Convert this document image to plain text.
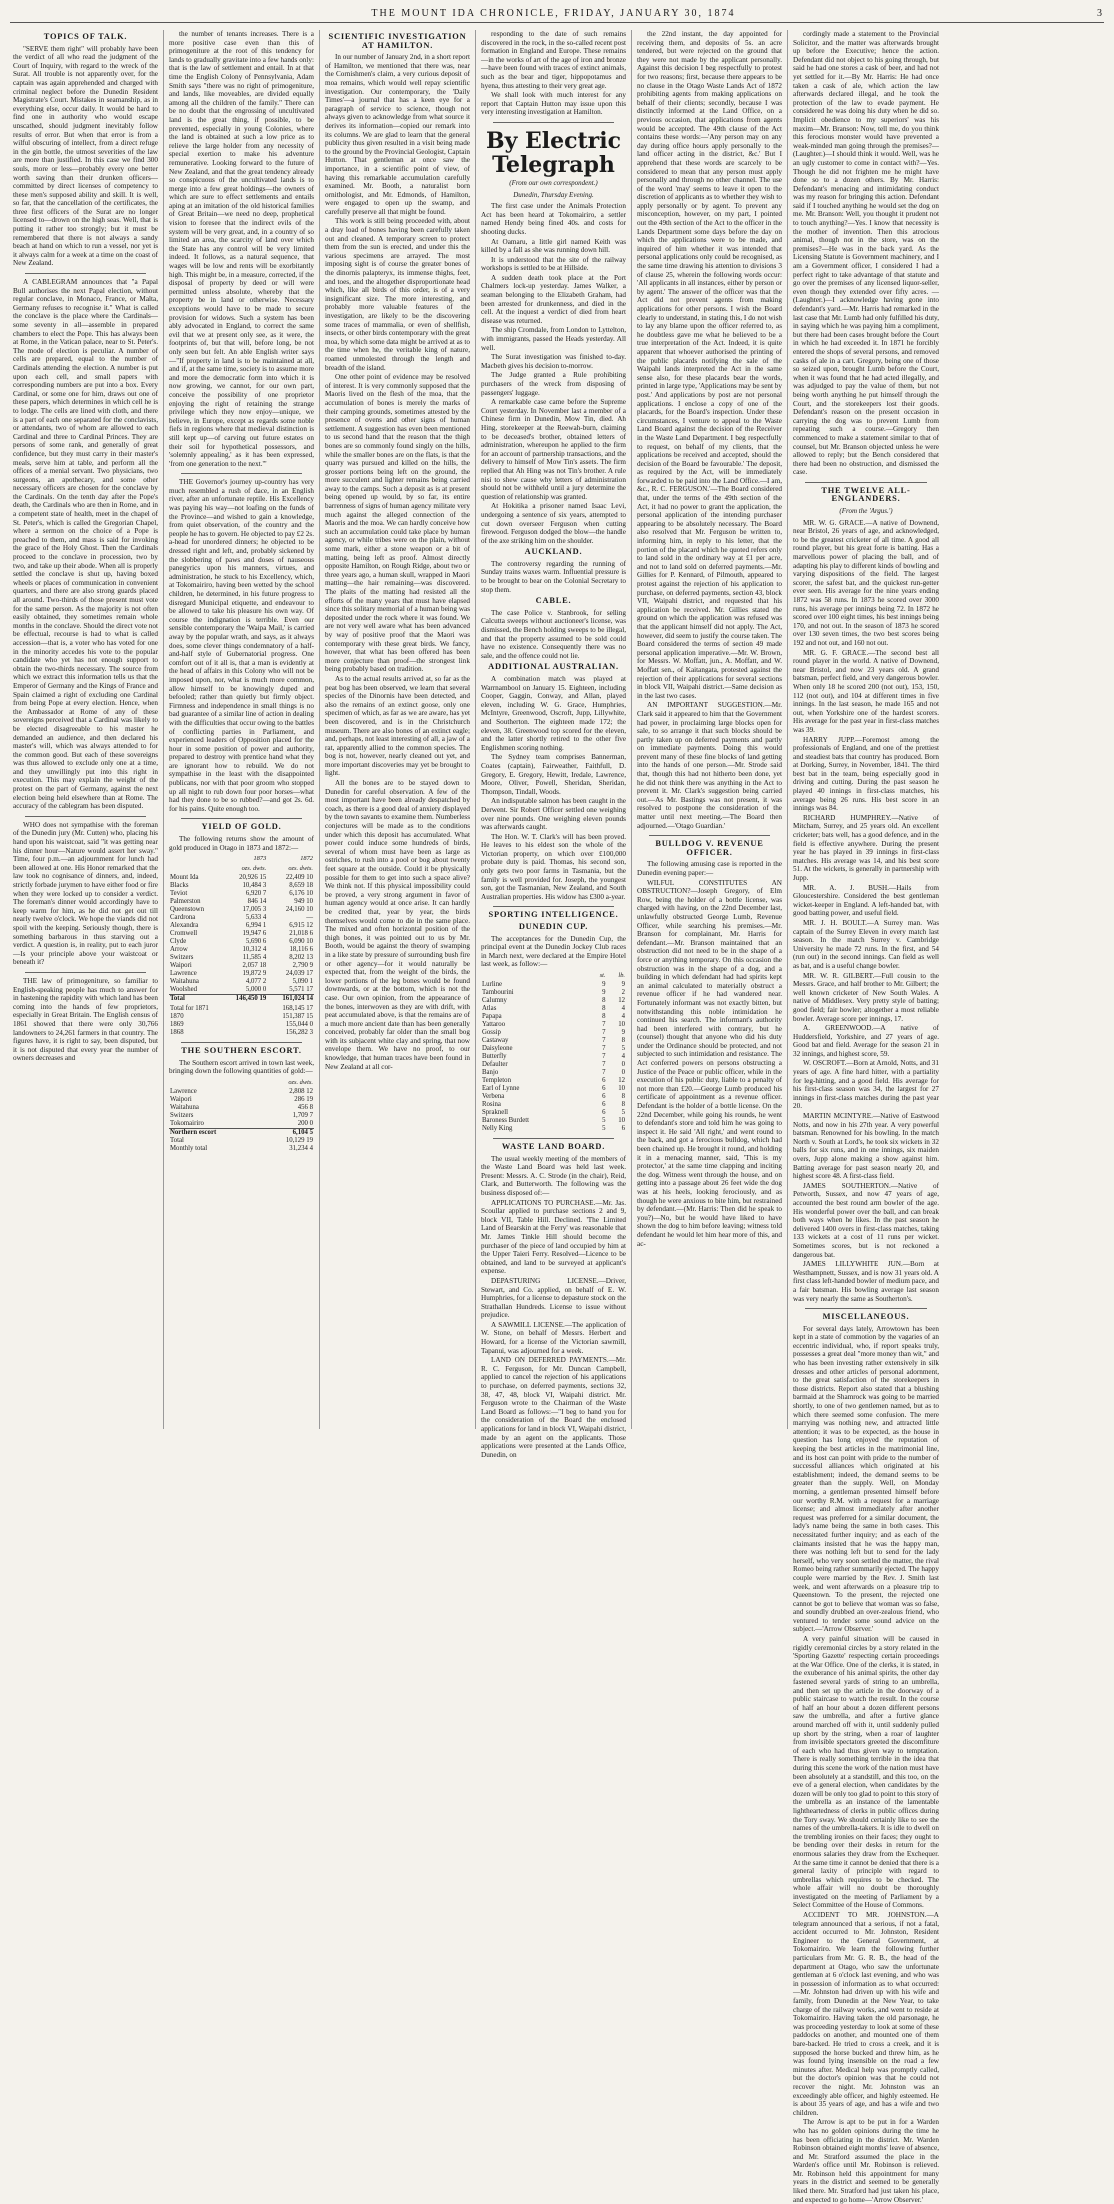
THE MOUNT IDA CHRONICLE, FRIDAY, JANUARY 30, 1874	3
TOPICS OF TALK.

"SERVE them right" will probably have been the verdict of all who read the judgment of the Court of Inquiry, with regard to the wreck of the Surat. All trouble is not apparently over, for the captain was again apprehended and charged with criminal neglect before the Dunedin Resident Magistrate's Court. Mistakes in seamanship, as in everything else, occur daily. It would be hard to find one in authority who would escape unscathed, should judgment inevitably follow results of error. But when that error is from a wilful obscuring of intellect, from a direct refuge in the gin bottle, the utmost severities of the law are more than justified. In this case we find 300 souls, more or less—probably every one better worth saving than their drunken officers—committed by direct licenses of competency to these men's supposed ability and skill. It is well, so far, that the cancellation of the certificates, the three first officers of the Surat are no longer licensed to—drown on the high seas. Well, that is putting it rather too strongly; but it must be remembered that there is not always a sandy beach at hand on which to run a vessel, nor yet is it always calm for a week at a time on the coast of New Zealand.

A CABLEGRAM announces that "a Papal Bull authorises the next Papal election, without regular conclave, in Monaco, France, or Malta, Germany refuses to recognise it." What is called the conclave is the place where the Cardinals—some seventy in all—assemble in prepared chambers to elect the Pope. This has always been at Rome, in the Vatican palace, near to St. Peter's. The mode of election is peculiar. A number of cells are prepared, equal to the number of Cardinals attending the election. A number is put upon each cell, and small papers with corresponding numbers are put into a box. Every Cardinal, or some one for him, draws out one of these papers, which determines in which cell he is to lodge. The cells are lined with cloth, and there is a part of each one separated for the conclavists, or attendants, two of whom are allowed to each Cardinal and three to Cardinal Princes. They are persons of some rank, and generally of great confidence, but they must carry in their master's meals, serve him at table, and perform all the offices of a menial servant. Two physicians, two surgeons, an apothecary, and some other necessary officers are chosen for the conclave by the Cardinals. On the tenth day after the Pope's death, the Cardinals who are then in Rome, and in a competent state of health, meet in the chapel of St. Peter's, which is called the Gregorian Chapel, where a sermon on the choice of a Pope is preached to them, and mass is said for invoking the grace of the Holy Ghost. Then the Cardinals proceed to the conclave in procession, two by two, and take up their abode. When all is properly settled the conclave is shut up, having boxed wheels or places of communication in convenient quarters, and there are also strong guards placed all around. Two-thirds of those present must vote for the same person. As the majority is not often easily obtained, they sometimes remain whole months in the conclave. Should the direct vote not be effectual, recourse is had to what is called accession—that is, a voter who has voted for one in the minority accedes his vote to the popular candidate who yet has not enough support to obtain the two-thirds necessary. The source from which we extract this information tells us that the Emperor of Germany and the Kings of France and Spain claimed a right of excluding one Cardinal from being Pope at every election. Hence, when the Ambassador at Rome of any of these sovereigns perceived that a Cardinal was likely to be elected disagreeable to his master he demanded an audience, and then declared his master's will, which was always attended to for the common good. But each of these sovereigns was thus allowed to exclude only one at a time, and they unwillingly put into this right in execution. This may explain the weight of the protest on the part of Germany, against the next election being held elsewhere than at Rome. The accuracy of the cablegram has been disputed.

WHO does not sympathise with the foreman of the Dunedin jury (Mr. Cutten) who, placing his hand upon his waistcoat, said "it was getting near his dinner hour—Nature would assert her sway." Time, four p.m.—an adjournment for lunch had been allowed at one. His Honor remarked that the law took no cognisance of dinners, and, indeed, strictly forbade jurymen to have either food or fire when they were locked up to consider a verdict. The foreman's dinner would accordingly have to keep warm for him, as he did not get out till nearly twelve o'clock. We hope the viands did not spoil with the keeping. Seriously though, there is something barbarous in thus starving out a verdict. A question is, in reality, put to each juror—Is your principle above your waistcoat or beneath it?

THE law of primogeniture, so familiar to English-speaking people has much to answer for in hastening the rapidity with which land has been coming into the hands of few proprietors, especially in Great Britain. The English census of 1861 showed that there were only 30,766 landowners to 24,261 farmers in that country. The figures have, it is right to say, been disputed, but it is not disputed that every year the number of owners decreases and

the number of tenants increases. There is a more positive case even than this of primogeniture at the root of this tendency for lands to gradually gravitate into a few hands only: that is the law of settlement and entail. In at that time the English Colony of Pennsylvania, Adam Smith says "there was no right of primogeniture, and lands, like moveables, are divided equally among all the children of the family." There can be no doubt that the engrossing of uncultivated land is the great thing, if possible, to be prevented, especially in young Colonies, where the land is obtained at such a low price as to relieve the large holder from any necessity of special exertion to make his adventure remunerative. Looking forward to the future of New Zealand, and that the great tendency already so conspicuous of the uncultivated lands is to merge into a few great holdings—the owners of which are sure to effect settlements and entails aping at an imitation of the old historical families of Great Britain—we need no deep, prophetical vision to foresee that the indirect evils of the system will be very great, and, in a country of so limited an area, the scarcity of land over which the State has any control will be very limited indeed. It follows, as a natural sequence, that wages will be low and rents will be exorbitantly high. This might be, in a measure, corrected, if the disposal of property by deed or will were permitted unless absolute, whereby that the property be in land or otherwise. Necessary exceptions would have to be made to secure provision for widows. Such a system has been ably advocated in England, to correct the same evil that we at present only see, as it were, the footprints of, but that will, before long, be not only seen but felt. An able English writer says—"If property in land is to be maintained at all, and if, at the same time, society is to assume more and more the democratic form into which it is now growing, we cannot, for our own part, conceive the possibility of one proprietor enjoying the right of retaining the strange privilege which they now enjoy—unique, we believe, in Europe, except as regards some noble fiefs in regions where that medieval distinction is still kept up—of carving out future estates on their soil for hypothetical possessors, and 'solemnly appealing,' as it has been expressed, 'from one generation to the next.'"

THE Governor's journey up-country has very much resembled a rush of dace, in an English river, after an unfortunate reptile. His Excellency was paying his way—not loafing on the funds of the Province—and wished to gain a knowledge, from quiet observation, of the country and the people he has to govern. He objected to pay £2 2s. a-head for unordered dinners; he objected to be dressed right and left, and, probably sickened by the slobbering of paws and doses of nauseous panegyrics upon his manners, virtues, and administration, he stuck to his Excellency, which, at Tokomairiro, having been wetted by the school children, he determined, in his future progress to disregard Municipal etiquette, and endeavour to be allowed to take his pleasure his own way. Of course the indignation is terrible. Even our sensible contemporary the 'Waipa Mail,' is carried away by the popular wrath, and says, as it always does, some clever things condemnatory of a half-and-half style of Gubernatorial progress. One comfort out of it all is, that a man is evidently at the head of affairs in this Colony who will not be imposed upon, nor, what is much more common, allow himself to be knowingly duped and befooled; rather than quietly but firmly object. Firmness and independence in small things is no bad guarantee of a similar line of action in dealing with the difficulties that occur owing to the battles of conflicting parties in Parliament, and experienced leaders of Opposition placed for the hour in some position of power and authority, prepared to destroy with prentice hand what they are ignorant how to rebuild. We do not sympathise in the least with the disappointed publicans, nor with that poor groom who stopped up all night to rub down four poor horses—what had they done to be so rubbed?—and got 2s. 6d. for his pains. Quite enough too.

YIELD OF GOLD.

The following returns show the amount of gold produced in Otago in 1873 and 1872:—

	1873	1872
	ozs. dwts.	ozs. dwts.
Mount Ida	20,926 15	22,409 10
Blacks	10,484 3	8,659 18
Teviot	6,920 7	6,176 10
Palmerston	846 14	949 10
Queenstown	17,005 3	24,160 10
Cardrona	5,633 4	—
Alexandra	6,994 1	6,915 12
Cromwell	19,947 6	21,018 6
Clyde	5,690 6	6,090 10
Arrow	10,312 4	18,116 6
Switzers	11,585 4	8,202 13
Waipori	2,057 18	2,790 9
Lawrence	19,872 9	24,039 17
Waitahuna	4,077 2	5,090 1
Woolshed	5,000 0	5,571 17
Total	146,450 19	161,024 14
Total for 1871	168,145 17
1870	151,387 15
1869	155,044 0
1868	156,282 3
THE SOUTHERN ESCORT.

The Southern escort arrived in town last week, bringing down the following quantities of gold:—

	ozs. dwts.
Lawrence	2,808 12
Waipori	286 19
Waitahuna	456 8
Switzers	1,709 7
Tokomairiro	200 0
Northern escort	6,104 5
Total	10,129 19
Monthly total	31,234 4
SCIENTIFIC INVESTIGATION AT HAMILTON.

In our number of January 2nd, in a short report of Hamilton, we mentioned that there was, near the Cornishmen's claim, a very curious deposit of moa remains, which would well repay scientific investigation. Our contemporary, the 'Daily Times'—a journal that has a keen eye for a paragraph of service to science, though not always given to acknowledge from what source it derives its information—copied our remark into its columns. We are glad to learn that the general publicity thus given resulted in a visit being made to the ground by the Provincial Geologist, Captain Hutton. That gentleman at once saw the importance, in a scientific point of view, of having this remarkable accumulation carefully examined. Mr. Booth, a naturalist born ornithologist, and Mr. Edmonds, of Hamilton, were engaged to open up the swamp, and carefully preserve all that might be found.

This work is still being proceeded with, about a dray load of bones having been carefully taken out and cleaned. A temporary screen to protect them from the sun is erected, and under this the various specimens are arrayed. The most imposing sight is of course the greater bones of the dinornis palapteryx, its immense thighs, feet, and toes, and the altogether disproportionate head which, like all birds of this order, is of a very insignificant size. The more interesting, and probably more valuable features of the investigation, are likely to be the discovering some traces of mammalia, or even of shellfish, insects, or other birds contemporary with the great moa, by which some data might be arrived at as to the time when he, the veritable king of nature, roamed unmolested through the length and breadth of the island.

One other point of evidence may be resolved of interest. It is very commonly supposed that the Maoris lived on the flesh of the moa, that the accumulation of bones is merely the marks of their camping grounds, sometimes attested by the presence of ovens and other signs of human settlement. A suggestion has even been mentioned to us second hand that the reason that the thigh bones are so commonly found singly on the hills, while the smaller bones are on the flats, is that the quarry was pursued and killed on the hills, the grosser portions being left on the ground, the more succulent and lighter remains being carried away to the camps. Such a deposit as is at present being opened up would, by so far, its entire barrenness of signs of human agency militate very much against the alleged connection of the Maoris and the moa. We can hardly conceive how such an accumulation could take place by human agency, or while tribes were on the plain, without some mark, either a stone weapon or a bit of matting, being left as proof. Almost directly opposite Hamilton, on Rough Ridge, about two or three years ago, a human skull, wrapped in Maori matting—the hair remaining—was discovered. The plaits of the matting had resisted all the efforts of the many years that must have elapsed since this solitary memorial of a human being was deposited under the rock where it was found. We are not very well aware what has been advanced by way of positive proof that the Maori was contemporary with these great birds. We fancy, however, that what has been offered has been more conjecture than proof—the strongest link being probably based on tradition.

As to the actual results arrived at, so far as the peat bog has been observed, we learn that several species of the Dinornis have been detected, and also the remains of an extinct goose, only one specimen of which, as far as we are aware, has yet been discovered, and is in the Christchurch museum. There are also bones of an extinct eagle; and, perhaps, not least interesting of all, a jaw of a rat, apparently allied to the common species. The bog is not, however, nearly cleaned out yet, and more important discoveries may yet be brought to light.

All the bones are to be stayed down to Dunedin for careful observation. A few of the most important have been already despatched by coach, as there is a good deal of anxiety displayed by the town savants to examine them. Numberless conjectures will be made as to the conditions under which this deposit has accumulated. What power could induce some hundreds of birds, several of whom must have been as large as ostriches, to rush into a pool or bog about twenty feet square at the outside. Could it be physically possible for them to get into such a space alive? We think not. If this physical impossibility could be proved, a very strong argument in favor of human agency would at once arise. It can hardly be credited that, year by year, the birds themselves would come to die in the same place. The mixed and often horizontal position of the thigh bones, it was pointed out to us by Mr. Booth, would be against the theory of swamping in a like state by pressure of surrounding bush fire or other agency—for it would naturally be expected that, from the weight of the birds, the lower portions of the leg bones would be found downwards, or at the bottom, which is not the case. Our own opinion, from the appearance of the bones, interwoven as they are with drift, with peat accumulated above, is that the remains are of a much more ancient date than has been generally conceived, probably far older than the small bog with its subjacent white clay and spring, that now envelope them. We have no proof, to our knowledge, that human traces have been found in New Zealand at all cor-

responding to the date of such remains discovered in the rock, in the so-called recent post formation in England and Europe. These remains—in the works of art of the age of iron and bronze—have been found with traces of extinct animals, such as the bear and tiger, hippopotamus and hyena, thus attesting to their very great age.

We shall look with much interest for any report that Captain Hutton may issue upon this very interesting investigation at Hamilton.

By Electric Telegraph
(From our own correspondent.)
Dunedin, Thursday Evening.

The first case under the Animals Protection Act has been heard at Tokomairiro, a settler named Hendy being fined 40s. and costs for shooting ducks.

At Oamaru, a little girl named Keith was killed by a fall as she was running down hill.

It is understood that the site of the railway workshops is settled to be at Hillside.

A sudden death took place at the Port Chalmers lock-up yesterday. James Walker, a seaman belonging to the Elizabeth Graham, had been arrested for drunkenness, and died in the cell. At the inquest a verdict of died from heart disease was returned.

The ship Cromdale, from London to Lyttelton, with immigrants, passed the Heads yesterday. All well.

The Surat investigation was finished to-day. Macbeth gives his decision to-morrow.

The Judge granted a Rule prohibiting purchasers of the wreck from disposing of passengers' luggage.

A remarkable case came before the Supreme Court yesterday. In November last a member of a Chinese firm in Dunedin, Mow Tin, died. Ah Hing, storekeeper at the Reewah-burn, claiming to be deceased's brother, obtained letters of administration, whereupon he applied to the firm for an account of partnership transactions, and the delivery to himself of Mow Tin's assets. The firm replied that Ah Hing was not Tin's brother. A rule nisi to shew cause why letters of administration should not be withheld until a jury determine the question of relationship was granted.

At Hokitika a prisoner named Isaac Levi, undergoing a sentence of six years, attempted to cut down overseer Ferguson when cutting firewood. Ferguson dodged the blow—the handle of the axe striking him on the shoulder.

AUCKLAND.

The controversy regarding the running of Sunday trains waxes warm. Influential pressure is to be brought to bear on the Colonial Secretary to stop them.

CABLE.

The case Police v. Stanbrook, for selling Calcutta sweeps without auctioneer's license, was dismissed, the Bench holding sweeps to be illegal, and that the property assumed to be sold could have no existence. Consequently there was no sale, and the offence could not lie.

ADDITIONAL AUSTRALIAN.

A combination match was played at Warrnambool on January 15. Eighteen, including Cooper, Gaggin, Conway, and Allan, played eleven, including W. G. Grace, Humphries, McIntyre, Greenwood, Oscroft, Jupp, Lillywhite, and Southerton. The eighteen made 172; the eleven, 38. Greenwood top scored for the eleven, and the latter shortly retired to the other five Englishmen scoring nothing.

The Sydney team comprises Bannerman, Coates (captain), Fairweather, Faithfull, D. Gregory, E. Gregory, Hewitt, Iredale, Lawrence, Moore, Oliver, Powell, Sheridan, Sheridan, Thompson, Tindall, Woods.

An indisputable salmon has been caught in the Derwent. Sir Robert Officer settled one weighing over nine pounds. One weighing eleven pounds was afterwards caught.

The Hon. W. T. Clark's will has been proved. He leaves to his eldest son the whole of the Victorian property, on which over £100,000 probate duty is paid. Thomas, his second son, only gets two poor farms in Tasmania, but the family is well provided for. Joseph, the youngest son, got the Tasmanian, New Zealand, and South Australian properties. His widow has £300 a-year.

SPORTING INTELLIGENCE.
DUNEDIN CUP.

The acceptances for the Dunedin Cup, the principal event at the Dunedin Jockey Club races in March next, were declared at the Empire Hotel last week, as follow:—

	st.	lb.
Lurline	9	9
Tambourini	9	2
Calumny	8	12
Atlas	8	4
Papapa	8	4
Yattaroo	7	10
Gossip	7	9
Castaway	7	8
Daisyleone	7	5
Butterfly	7	4
Defaulter	7	0
Banjo	7	0
Templeton	6	12
Earl of Lynne	6	10
Verbena	6	8
Rosina	6	8
Spraknell	6	5
Baroness Burdett	5	10
Nelly King	5	6
WASTE LAND BOARD.

The usual weekly meeting of the members of the Waste Land Board was held last week. Present: Messrs. A. C. Strode (in the chair), Reid, Clark, and Butterworth. The following was the business disposed of:—

APPLICATIONS TO PURCHASE.—Mr. Jas. Scoullar applied to purchase sections 2 and 9, block VII, Table Hill. Declined. 'The Limited Land of Bearskin at the Ferry' was reasonable that Mr. James Tinkle Hill should become the purchaser of the piece of land occupied by him at the Upper Taieri Ferry. Resolved—Licence to be obtained, and land to be surveyed at applicant's expense.

DEPASTURING LICENSE.—Driver, Stewart, and Co. applied, on behalf of E. W. Humphries, for a license to depasture stock on the Strathallan Hundreds. License to issue without prejudice.

A SAWMILL LICENSE.—The application of W. Stone, on behalf of Messrs. Herbert and Howard, for a license of the Victorian sawmill, Tapanui, was adjourned for a week.

LAND ON DEFERRED PAYMENTS.—Mr. R. C. Ferguson, for Mr. Duncan Campbell, applied to cancel the rejection of his applications to purchase, on deferred payments, sections 32, 38, 47, 48, block VI, Waipahi district. Mr. Ferguson wrote to the Chairman of the Waste Land Board as follows:—"I beg to hand you for the consideration of the Board the enclosed applications for land in block VI, Waipahi district, made by an agent on the applicants. Those applications were presented at the Lands Office, Dunedin, on

the 22nd instant, the day appointed for receiving them, and deposits of 5s. an acre tendered, but were rejected on the ground that they were not made by the applicant personally. Against this decision I beg respectfully to protest for two reasons; first, because there appears to be no clause in the Otago Waste Lands Act of 1872 prohibiting agents from making applications on behalf of their clients; secondly, because I was distinctly informed at the Land Office, on a previous occasion, that applications from agents would be accepted. The 49th clause of the Act contains these words:—'Any person may on any day during office hours apply personally to the land officer acting in the district, &c.' But I apprehend that these words are scarcely to be considered to mean that any person must apply personally and through no other channel. The use of the word 'may' seems to leave it open to the discretion of applicants as to whether they wish to apply personally or by agent. To prevent any misconception, however, on my part, I pointed out the 49th section of the Act to the officer in the Lands Department some days before the day on which the applications were to be made, and inquired of him whether it was intended that personal applications only could be recognised, as the same time drawing his attention to divisions 3 of clause 25, wherein the following words occur: 'All applicants in all instances, either by person or by agent.' The answer of the officer was that the Act did not prevent agents from making applications for other persons. I wish the Board clearly to understand, in stating this, I do not wish to lay any blame upon the officer referred to, as he doubtless gave me what he believed to be a true interpretation of the Act. Indeed, it is quite apparent that whoever authorised the printing of the public placards notifying the sale of the Waipahi lands interpreted the Act in the same sense also, for these placards bear the words, printed in large type, 'Applications may be sent by post.' And applications by post are not personal applications. I enclose a copy of one of the placards, for the Board's inspection. Under these circumstances, I venture to appeal to the Waste Land Board against the decision of the Receiver in the Waste Land Department. I beg respectfully to request, on behalf of my clients, that the applications be received and accepted, should the decision of the Board be favourable.' The deposit, as required by the Act, will be immediately forwarded to be paid into the Land Office.—I am, &c., R. C. FERGUSON.'—The Board considered that, under the terms of the 49th section of the Act, it had no power to grant the application, the personal application of the intending purchaser appearing to be absolutely necessary. The Board also resolved that Mr. Ferguson be written to, informing him, in reply to his letter, that the portion of the placard which he quoted refers only to land sold in the ordinary way at £1 per acre, and not to land sold on deferred payments.—Mr. Gillies for P. Kennard, of Pilmouth, appeared to protest against the rejection of his application to purchase, on deferred payments, section 43, block VII, Waipahi district, and requested that his application be received. Mr. Gillies stated the ground on which the application was refused was that the applicant himself did not apply. The Act, however, did seem to justify the course taken. The Board considered the terms of section 49 made personal application imperative.—Mr. W. Brown, for Messrs. W. Moffatt, jun., A. Moffatt, and W. Moffatt sen., of Kaitangata, protested against the rejection of their applications for several sections in block VII, Waipahi district.—Same decision as in the last two cases.

AN IMPORTANT SUGGESTION.—Mr. Clark said it appeared to him that the Government had power, in proclaiming large blocks open for sale, to so arrange it that such blocks should be partly taken up on deferred payments and partly on immediate payments. Doing this would prevent many of these fine blocks of land getting into the hands of one person.—Mr. Strode said that, though this had not hitherto been done, yet he did not think there was anything in the Act to prevent it. Mr. Clark's suggestion being carried out.—As Mr. Bastings was not present, it was resolved to postpone the consideration of the matter until next meeting.—The Board then adjourned.—'Otago Guardian.'

BULLDOG V. REVENUE OFFICER.

The following amusing case is reported in the Dunedin evening paper:—

WILFUL CONSTITUTES AN OBSTRUCTION?—Joseph Gregory, of Elm Row, being the holder of a bottle license, was charged with having, on the 22nd December last, unlawfully obstructed George Lumb, Revenue Officer, while searching his premises.—Mr. Branson for complainant, Mr. Harris for defendant.—Mr. Branson maintained that an obstruction did not need to be in the shape of a force or anything temporary. On this occasion the obstruction was in the shape of a dog, and a building in which defendant had had spirits kept an animal calculated to materially obstruct a revenue officer if he had wandered near. Fortunately informant was not exactly bitten, but notwithstanding this noble intimidation he continued his search. The informant's authority had been interfered with contrary, but he (counsel) thought that anyone who did his duty under the Ordinance should be protected, and not subjected to such intimidation and resistance. The Act conferred powers on persons obstructing a Justice of the Peace or public officer, while in the execution of his public duty, liable to a penalty of not more than £20.—George Lumb produced his certificate of appointment as a revenue officer. Defendant is the holder of a bottle license. On the 22nd December, while going his rounds, he went to defendant's store and told him he was going to inspect it. He said 'All right,' and went round to the back, and got a ferocious bulldog, which had been chained up. He brought it round, and holding it in a menacing manner, said, 'This is my protector,' at the same time clapping and inciting the dog. Witness went through the house, and on getting into a passage about 26 feet wide the dog was at his heels, looking ferociously, and as though he were anxious to bite him, but restrained by defendant.—(Mr. Harris: Then did he speak to you?)—No, but he would have liked to have shown the dog to him before leaving; witness told defendant he would let him hear more of this, and ac-

cordingly made a statement to the Provincial Solicitor, and the matter was afterwards brought up before the Executive; hence the action. Defendant did not object to his going through, but said he had one stores a cask of beer, and had not yet settled for it.—By Mr. Harris: He had once taken a cask of ale, which action the law afterwards declared illegal, and he took the protection of the law to evade payment. He considered he was doing his duty when he did so. Implicit obedience to my superiors' was his maxim—Mr. Branson: Now, tell me, do you think this ferocious monster would have prevented a weak-minded man going through the premises?—(Laughter.)—I should think it would. Well, was he an ugly customer to come in contact with?—Yes. Though he did not frighten me he might have done so to a dozen others. By Mr. Harris: Defendant's menacing and intimidating conduct was my reason for bringing this action. Defendant said if I touched anything he would set the dog on me. Mr. Branson: Well, you thought it prudent not to touch anything?—Yes. I know that necessity is the mother of invention. Then this atrocious animal, though not in the store, was on the premises?—He was in the back yard. As the Licensing Statute is Government machinery, and I am a Government officer, I considered I had a perfect right to take advantage of that statute and go over the premises of any licensed liquor-seller, even though they extended over fifty acres. —(Laughter.)—I acknowledge having gone into defendant's yard.—Mr. Harris had remarked in the last case that Mr. Lumb had only fulfilled his duty, in saying which he was paying him a compliment, but there had been cases brought before the Court in which he had exceeded it. In 1871 he forcibly entered the shops of several persons, and removed casks of ale in a cart. Gregory, being one of those so seized upon, brought Lumb before the Court, when it was found that he had acted illegally, and was adjudged to pay the value of them, but not being worth anything he put himself through the Court, and the storekeepers lost their goods. Defendant's reason on the present occasion in carrying the dog was to prevent Lumb from repeating such a course.—Gregory then commenced to make a statement similar to that of counsel, but Mr. Branson objected unless he were allowed to reply; but the Bench considered that there had been no obstruction, and dismissed the case.

THE TWELVE ALL-ENGLANDERS.
(From the 'Argus.')

MR. W. G. GRACE.—A native of Downend, near Bristol, 26 years of age, and acknowledged, to be the greatest cricketer of all time. A good all round player, but his great forte is batting. Has a marvellous power of placing the ball, and of adapting his play to different kinds of bowling and varying dispositions of the field. The largest scorer, the safest bat, and the quickest run-getter ever seen. His average for the nine years ending 1872 was 58 runs. In 1873 he scored over 3000 runs, his average per innings being 72. In 1872 he scored over 100 eight times, his best innings being 170, and not out. In the season of 1873 he scored over 130 seven times, the two best scores being 192 and not out, and 160 not out.

MR. G. F. GRACE.—The second best all round player in the world. A native of Downend, near Bristol, and now 23 years old. A grand batsman, perfect field, and very dangerous bowler. When only 18 he scored 200 (not out), 153, 150, 112 (not out), and 104 at different times in five innings. In the last season, he made 165 and not out, when Yorkshire one of the hardest scorers. His average for the past year in first-class matches was 39.

HARRY JUPP.—Foremost among the professionals of England, and one of the prettiest and steadiest bats that country has produced. Born at Dorking, Surrey, in November, 1841. The third best bat in the team, being especially good in driving and cutting. During the past season he played 40 innings in first-class matches, his average being 26 runs. His best score in an innings was 84.

RICHARD HUMPHREY.—Native of Mitcham, Surrey, and 25 years old. An excellent cricketer; bats well, has a good defence, and in the field is effective anywhere. During the present year he has played in 39 innings in first-class matches. His average was 14, and his best score 51. At the wickets, is generally in partnership with Jupp.

MR. A. J. BUSH.—Hails from Gloucestershire. Considered the best gentleman wicket-keeper in England. A left-handed bat, with good batting power, and useful field.

MR. J. H. BOULT.—A Surrey man. Was captain of the Surrey Eleven in every match last season. In the match Surrey v. Cambridge University he made 72 runs. In the first, and 54 (run out) in the second innings. Can field as well as bat, and is a useful change bowler.

MR. W. R. GILBERT.—Full cousin to the Messrs. Grace, and half brother to Mr. Gilbert; the well known cricketer of New South Wales. A native of Middlesex. Very pretty style of batting; good field; fair bowler; altogether a most reliable bowler. Average score per innings, 17.

A. GREENWOOD.—A native of Huddersfield, Yorkshire, and 27 years of age. Good bat and field. Average for the season 21 in 32 innings, and highest score, 59.

W. OSCROFT.—Born at Arnold, Notts, and 31 years of age. A fine hard hitter, with a partiality for leg-hitting, and a good field. His average for his first-class season was 34, the largest for 27 innings in first-class matches during the past year 20.

MARTIN MCINTYRE.—Native of Eastwood Notts, and now in his 27th year. A very powerful batsman. Renowned for his bowling. In the match North v. South at Lord's, he took six wickets in 32 balls for six runs, and in one innings, six maiden overs, Jupp alone making a show against him. Batting average for past season nearly 20, and highest score 48. A first-class field.

JAMES SOUTHERTON.—Native of Petworth, Sussex, and now 47 years of age, accounted the best round arm bowler of the age. His wonderful power over the ball, and can break both ways when he likes. In the past season he delivered 1400 overs in first-class matches, taking 133 wickets at a cost of 11 runs per wicket. Sometimes scores, but is not reckoned a dangerous bat.

JAMES LILLYWHITE JUN.—Born at Westhampnett, Sussex, and is now 31 years old. A first class left-handed bowler of medium pace, and a fair batsman. His bowling average last season was very nearly the same as Southerton's.

MISCELLANEOUS.

For several days lately, Arrowtown has been kept in a state of commotion by the vagaries of an eccentric individual, who, if report speaks truly, possesses a great deal "more money than wit," and who has been investing rather extensively in silk dresses and other articles of personal adornment, to the great satisfaction of the storekeepers in those districts. Report also stated that a blushing barmaid at the Shamrock was going to be married shortly, to one of two gentlemen named, but as to which there seemed some confusion. The mere marrying was nothing new, and attracted little attention; it was to be expected, as the house in question has long enjoyed the reputation of keeping the best articles in the matrimonial line, and its host can point with pride to the number of successful alliances which originated at his establishment; indeed, the demand seems to be greater than the supply. Well, on Monday morning, a gentleman presented himself before our worthy R.M. with a request for a marriage license; and almost immediately after another request was preferred for a similar document, the lady's name being the same in both cases. This necessitated further inquiry; and as each of the claimants insisted that he was the happy man, there was nothing left but to send for the lady herself, who very soon settled the matter, the rival Romeo being rather summarily ejected. The happy couple were married by the Rev. J. Smith last week, and went afterwards on a pleasure trip to Queenstown. To the present, the rejected one cannot be got to believe that woman was so false, and soundly drubbed an over-zealous friend, who ventured to tender some sound advice on the subject.—'Arrow Observer.'

A very painful situation will be caused in rigidly ceremonial circles by a story related in the 'Sporting Gazette' respecting certain proceedings at the War Office. One of the clerks, it is stated, in the exuberance of his animal spirits, the other day fastened several yards of string to an umbrella, and then set up the article in the doorway of a public staircase to watch the result. In the course of half an hour about a dozen different persons saw the umbrella, and after a furtive glance around marched off with it, until suddenly pulled up short by the string, when a roar of laughter from invisible spectators greeted the discomfiture of each who had thus given way to temptation. There is really something terrible in the idea that during this scene the work of the nation must have been absolutely at a standstill, and this too, on the eve of a general election, when candidates by the dozen will be only too glad to point to this story of the umbrella as an instance of the lamentable lightheartedness of clerks in public offices during the Tory sway. We should certainly like to see the names of the umbrella-takers. It is idle to dwell on the trembling ironies on their faces; they ought to be bending over their desks in return for the enormous salaries they draw from the Exchequer. At the same time it cannot be denied that there is a general laxity of principle with regard to umbrellas which requires to be checked. The whole affair will no doubt be thoroughly investigated on the meeting of Parliament by a Select Committee of the House of Commons.

ACCIDENT TO MR. JOHNSTON.—A telegram announced that a serious, if not a fatal, accident occurred to Mr. Johnston, Resident Engineer to the General Government, at Tokomairiro. We learn the following further particulars from Mr. G. R. B., the head of the department at Otago, who saw the unfortunate gentleman at 6 o'clock last evening, and who was in possession of information as to what occurred:—Mr. Johnston had driven up with his wife and family, from Dunedin at the New Year, to take charge of the railway works, and went to reside at Tokomairiro. Having taken the old parsonage, he was proceeding yesterday to look at some of these paddocks on another, and mounted one of them bare-backed. He tried to cross a creek, and it is supposed the horse bucked and threw him, as he was found lying insensible on the road a few minutes after. Medical help was promptly called, but the doctor's opinion was that he could not recover the night. Mr. Johnston was an exceedingly able officer, and highly esteemed. He is about 35 years of age, and has a wife and two children.

The Arrow is apt to be put in for a Warden who has no golden opinions during the time he has been officiating in the district. Mr. Warden Robinson obtained eight months' leave of absence, and Mr. Stratford assumed the place in the Warden's office until Mr. Robinson is relieved. Mr. Robinson held this appointment for many years in the district and seemed to be generally liked there. Mr. Stratford had just taken his place, and expected to go home—'Arrow Observer.'
